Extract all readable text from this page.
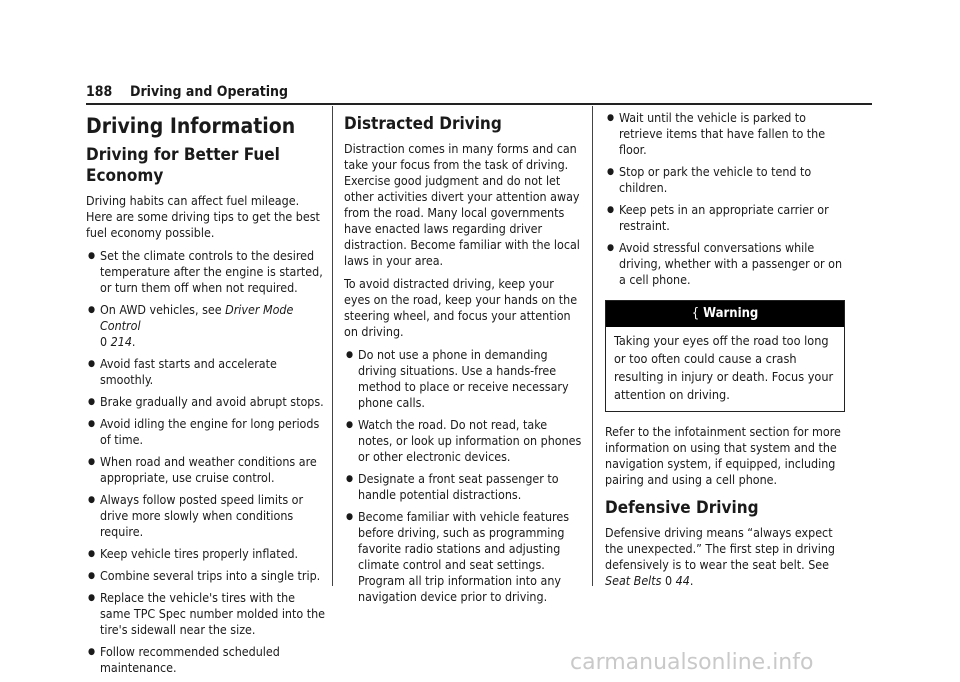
188 Driving and Operating
Driving Information
Driving for Better Fuel Economy

Driving habits can affect fuel mileage. Here are some driving tips to get the best fuel economy possible.

● Set the climate controls to the desired temperature after the engine is started, or turn them off when not required.
● On AWD vehicles, see Driver Mode Control
0 214.
● Avoid fast starts and accelerate smoothly.
● Brake gradually and avoid abrupt stops.
● Avoid idling the engine for long periods of time.
● When road and weather conditions are appropriate, use cruise control.
● Always follow posted speed limits or drive more slowly when conditions require.
● Keep vehicle tires properly inflated.
● Combine several trips into a single trip.
● Replace the vehicle's tires with the same TPC Spec number molded into the tire's sidewall near the size.
● Follow recommended scheduled maintenance.
Distracted Driving

Distraction comes in many forms and can take your focus from the task of driving. Exercise good judgment and do not let other activities divert your attention away from the road. Many local governments have enacted laws regarding driver distraction. Become familiar with the local laws in your area.

To avoid distracted driving, keep your eyes on the road, keep your hands on the steering wheel, and focus your attention on driving.

● Do not use a phone in demanding driving situations. Use a hands-free method to place or receive necessary phone calls.
● Watch the road. Do not read, take notes, or look up information on phones or other electronic devices.
● Designate a front seat passenger to handle potential distractions.
● Become familiar with vehicle features before driving, such as programming favorite radio stations and adjusting climate control and seat settings. Program all trip information into any navigation device prior to driving.
● Wait until the vehicle is parked to retrieve items that have fallen to the floor.
● Stop or park the vehicle to tend to children.
● Keep pets in an appropriate carrier or restraint.
● Avoid stressful conversations while driving, whether with a passenger or on a cell phone.
{ Warning
Taking your eyes off the road too long or too often could cause a crash resulting in injury or death. Focus your attention on driving.

Refer to the infotainment section for more information on using that system and the navigation system, if equipped, including pairing and using a cell phone.

Defensive Driving

Defensive driving means “always expect the unexpected.” The first step in driving defensively is to wear the seat belt. See Seat Belts 0 44.

carmanualsonline.info
